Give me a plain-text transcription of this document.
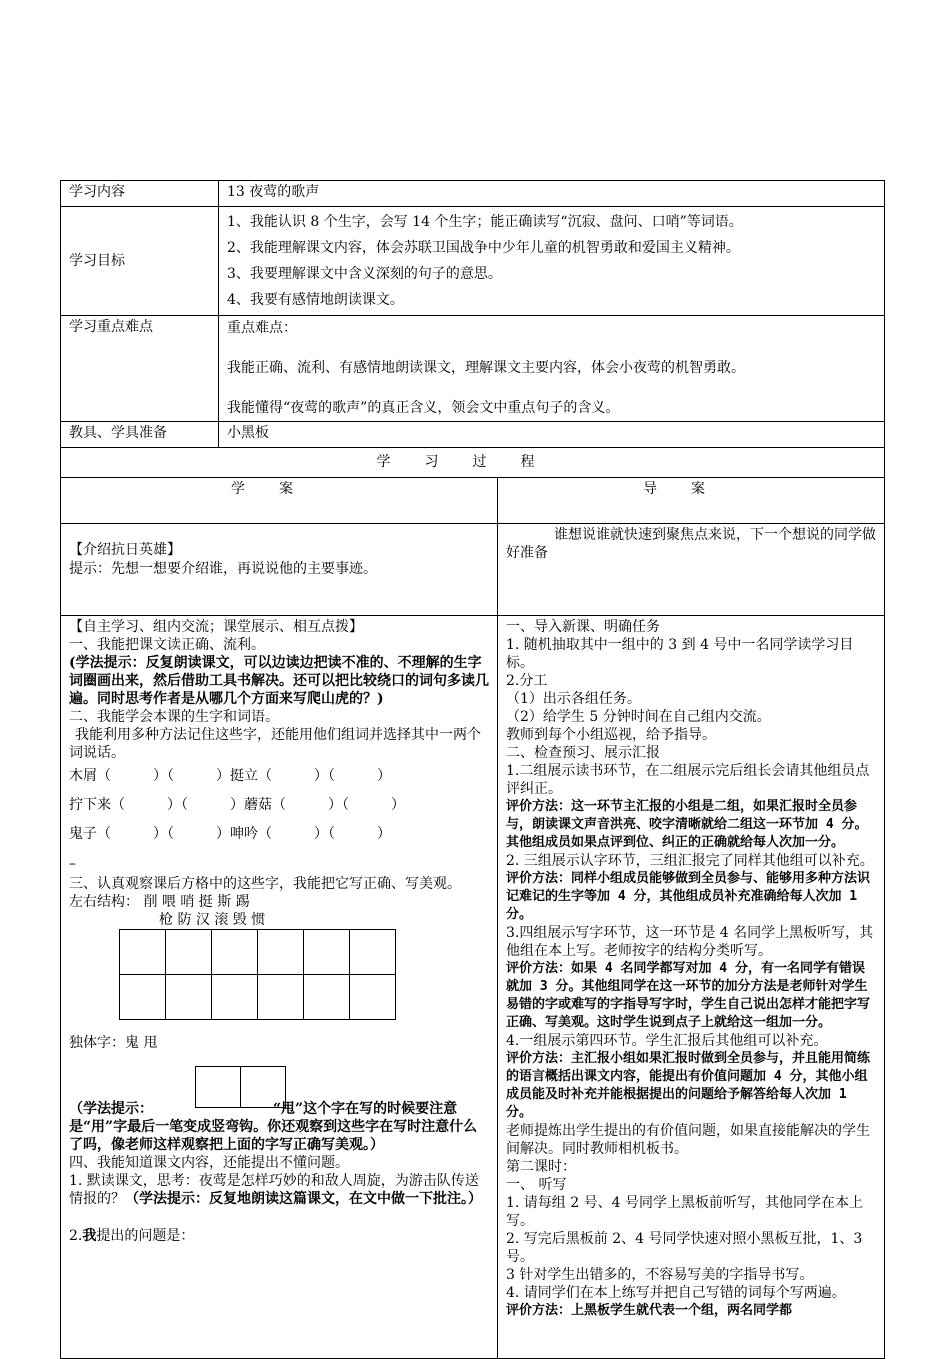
学习内容	13 夜莺的歌声
学习目标	

1、我能认识 8 个生字，会写 14 个生字；能正确读写“沉寂、盘问、口哨”等词语。

2、我能理解课文内容，体会苏联卫国战争中少年儿童的机智勇敢和爱国主义精神。

3、我要理解课文中含义深刻的句子的意思。

4、我要有感情地朗读课文。

学习重点难点	重点难点：

我能正确、流利、有感情地朗读课文，理解课文主要内容，体会小夜莺的机智勇敢。

我能懂得“夜莺的歌声”的真正含义，领会文中重点句子的含义。

教具、学具准备	小黑板
学习过程
学案	导案

【介绍抗日英雄】

提示：先想一想要介绍谁，再说说他的主要事迹。

谁想说谁就快速到聚焦点来说，下一个想说的同学做好准备

【自主学习、组内交流；课堂展示、相互点拨】

一、我能把课文读正确、流利。

(学法提示：反复朗读课文，可以边读边把读不准的、不理解的生字词圈画出来，然后借助工具书解决。还可以把比较绕口的词句多读几遍。同时思考作者是从哪几个方面来写爬山虎的？)

二、我能学会本课的生字和词语。

我能利用多种方法记住这些字，还能用他们组词并选择其中一两个词说话。

木屑（　　　）（　　　）挺立（　　　）（　　　）

拧下来（　　　）（　　　）蘑菇（　　　）（　　　）

鬼子（　　　）（　　　）呻吟（　　　）（　　　）

–

三、认真观察课后方格中的这些字，我能把它写正确、写美观。

左右结构： 削 喂 哨 挺 斯 踢

枪 防 汉 滚 毁 惯

独体字：鬼 甩

（学法提示：	“甩”这个字在写的时候要注意是“用”字最后一笔变成竖弯钩。你还观察到这些字在写时注意什么了吗，像老师这样观察把上面的字写正确写美观。）

四、我能知道课文内容，还能提出不懂问题。

1. 默读课文，思考：夜莺是怎样巧妙的和敌人周旋，为游击队传送情报的？（学法提示：反复地朗读这篇课文，在文中做一下批注。）

2.我提出的问题是：

一、导入新课、明确任务

1. 随机抽取其中一组中的 3 到 4 号中一名同学读学习目标。

2.分工

（1）出示各组任务。

（2）给学生 5 分钟时间在自己组内交流。

教师到每个小组巡视，给予指导。

二、检查预习、展示汇报

1.二组展示读书环节，在二组展示完后组长会请其他组员点评纠正。

评价方法：这一环节主汇报的小组是二组，如果汇报时全员参与，朗读课文声音洪亮、咬字清晰就给二组这一环节加 4 分。其他组成员如果点评到位、纠正的正确就给每人次加一分。

2. 三组展示认字环节，三组汇报完了同样其他组可以补充。

评价方法：同样小组成员能够做到全员参与、能够用多种方法识记难记的生字等加 4 分，其他组成员补充准确给每人次加 1 分。

3.四组展示写字环节，这一环节是 4 名同学上黑板听写，其他组在本上写。老师按字的结构分类听写。

评价方法：如果 4 名同学都写对加 4 分，有一名同学有错误就加 3 分。其他组同学在这一环节的加分方法是老师针对学生易错的字或难写的字指导写字时，学生自己说出怎样才能把字写正确、写美观。这时学生说到点子上就给这一组加一分。

4.一组展示第四环节。学生汇报后其他组可以补充。

评价方法：主汇报小组如果汇报时做到全员参与，并且能用简练的语言概括出课文内容，能提出有价值问题加 4 分，其他小组成员能及时补充并能根据提出的问题给予解答给每人次加 1 分。

老师提炼出学生提出的有价值问题，如果直接能解决的学生间解决。同时教师相机板书。

第二课时：

一、 听写

1. 请每组 2 号、4 号同学上黑板前听写，其他同学在本上写。

2. 写完后黑板前 2、4 号同学快速对照小黑板互批，1、3 号。

3 针对学生出错多的，不容易写美的字指导书写。

4. 请同学们在本上练写并把自己写错的词每个写两遍。

评价方法：上黑板学生就代表一个组，两名同学都
